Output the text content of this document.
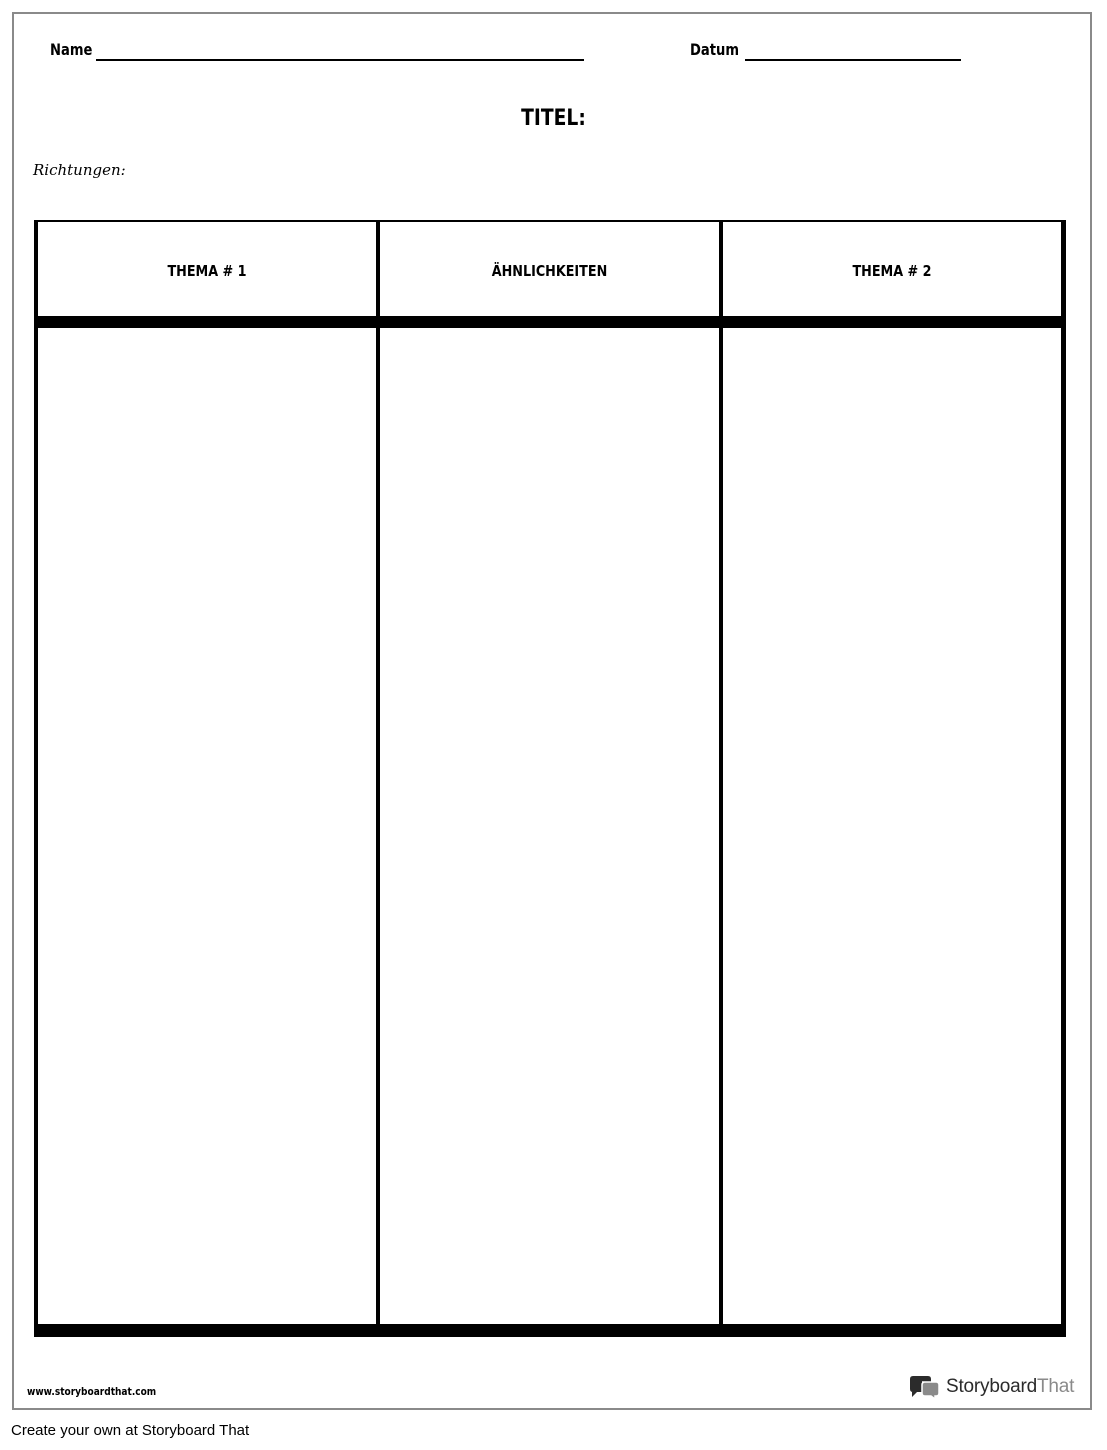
Name	Datum
TITEL:
Richtungen:
THEMA # 1	ÄHNLICHKEITEN	THEMA # 2
www.storyboardthat.com	StoryboardThat
Create your own at Storyboard That
